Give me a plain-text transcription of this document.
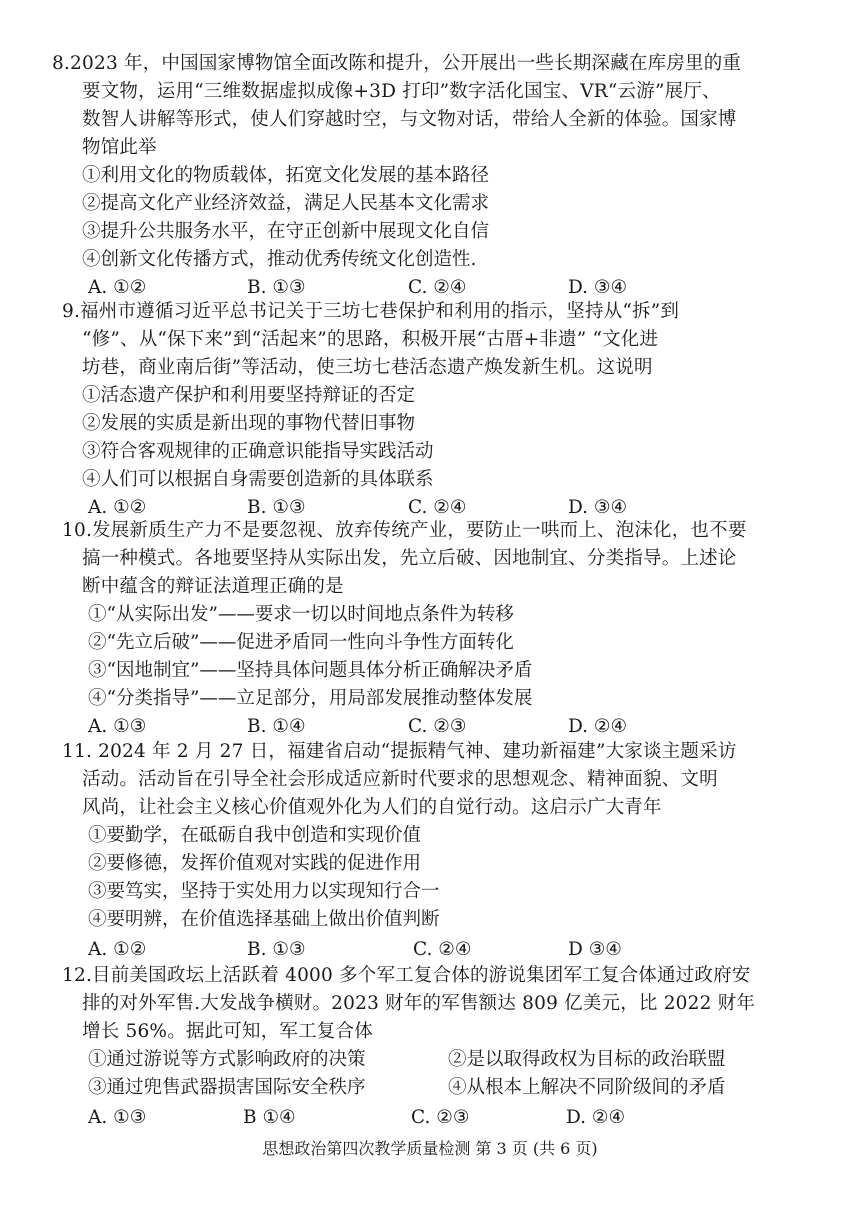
8.2023 年，中国国家博物馆全面改陈和提升，公开展出一些长期深藏在库房里的重
要文物，运用“三维数据虚拟成像+3D 打印”数字活化国宝、VR“云游”展厅、
数智人讲解等形式，使人们穿越时空，与文物对话，带给人全新的体验。国家博
物馆此举
①利用文化的物质载体，拓宽文化发展的基本路径
②提高文化产业经济效益，满足人民基本文化需求
③提升公共服务水平，在守正创新中展现文化自信
④创新文化传播方式，推动优秀传统文化创造性.
A. ①②	B. ①③	C. ②④	D. ③④
9.福州市遵循习近平总书记关于三坊七巷保护和利用的指示，坚持从“拆”到
“修”、从“保下来”到“活起来”的思路，积极开展“古厝+非遗” “文化进
坊巷，商业南后街”等活动，使三坊七巷活态遗产焕发新生机。这说明
①活态遗产保护和利用要坚持辩证的否定
②发展的实质是新出现的事物代替旧事物
③符合客观规律的正确意识能指导实践活动
④人们可以根据自身需要创造新的具体联系
A. ①②	B. ①③	C. ②④	D. ③④
10.发展新质生产力不是要忽视、放弃传统产业，要防止一哄而上、泡沫化，也不要
搞一种模式。各地要坚持从实际出发，先立后破、因地制宜、分类指导。上述论
断中蕴含的辩证法道理正确的是
①“从实际出发”——要求一切以时间地点条件为转移
②“先立后破”——促进矛盾同一性向斗争性方面转化
③“因地制宜”——坚持具体问题具体分析正确解决矛盾
④“分类指导”——立足部分，用局部发展推动整体发展
A. ①③	B. ①④	C. ②③	D. ②④
11. 2024 年 2 月 27 日，福建省启动“提振精气神、建功新福建”大家谈主题采访
活动。活动旨在引导全社会形成适应新时代要求的思想观念、精神面貌、文明
风尚，让社会主义核心价值观外化为人们的自觉行动。这启示广大青年
①要勤学，在砥砺自我中创造和实现价值
②要修德，发挥价值观对实践的促进作用
③要笃实，坚持于实处用力以实现知行合一
④要明辨，在价值选择基础上做出价值判断
A. ①②	B. ①③	C. ②④	D ③④
12.目前美国政坛上活跃着 4000 多个军工复合体的游说集团军工复合体通过政府安
排的对外军售.大发战争横财。2023 财年的军售额达 809 亿美元，比 2022 财年
增长 56%。据此可知，军工复合体
①通过游说等方式影响政府的决策	②是以取得政权为目标的政治联盟
③通过兜售武器损害国际安全秩序	④从根本上解决不同阶级间的矛盾
A. ①③	B ①④	C. ②③	D. ②④
思想政治第四次教学质量检测 第 3 页 (共 6 页)
